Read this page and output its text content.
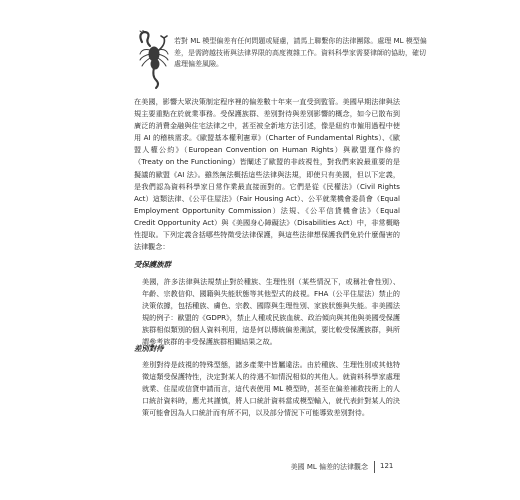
若對 ML 模型偏差有任何問題或疑慮，請馬上聯繫你的法律團隊。處理 ML 模型偏差，是需跨越技術與法律界限的高度複雜工作。資料科學家需要律師的協助，確切處理偏差風險。

在美國，影響大眾決策制定程序裡的偏差數十年來一直受到監管。美國早期法律與法規主要重點在於就業事務。受保護族群、差別對待與差別影響的概念，如今已散布到廣泛的消費金融與住宅法律之中，甚至被全新地方法引述，像是紐約市僱用過程中使用 AI 的稽核需求。《歐盟基本權利憲章》（Charter of Fundamental Rights）、《歐盟人權公約》（European Convention on Human Rights）與歐盟運作條約（Treaty on the Functioning）皆闡述了歐盟的非歧視性，對我們來說最重要的是擬議的歐盟《AI 法》。雖然無法概括這些法律與法規，即使只有美國，但以下定義，是我們認為資料科學家日常作業最直接面對的。它們是從《民權法》（Civil Rights Act）這類法律、《公平住屋法》（Fair Housing Act）、公平就業機會委員會（Equal Employment Opportunity Commission）法規、《公平信貸機會法》（Equal Credit Opportunity Act）與《美國身心障礙法》（Disabilities Act）中，非常概略性提取。下列定義含括哪些特徵受法律保護，與這些法律想保護我們免於什麼傷害的法律觀念：

受保護族群

美國，許多法律與法規禁止對於種族、生理性別（某些情況下，或稱社會性別）、年齡、宗教信仰、國籍與失能狀態等其他型式的歧視。FHA（公平住屋法）禁止的決策依據，包括種族、膚色、宗教、國際與生理性別、家族狀態與失能。非美國法規的例子：歐盟的《GDPR》，禁止人種或民族血統、政治傾向與其他與美國受保護族群相似類別的個人資料利用，這是何以傳統偏差測試，要比較受保護族群，與所謂參考族群的非受保護族群相關結果之故。

差別對待

差別對待是歧視的特殊型態，諸多產業中皆屬違法。由於種族、生理性別或其他特徵這類受保護特性，決定對某人的待遇不如情況相似的其他人。就資料科學家處理就業、住屋或信貸申請而言，這代表使用 ML 模型時，甚至在偏差補救技術上的人口統計資料時，應尤其謹慎，將人口統計資料當成模型輸入，就代表針對某人的決策可能會因為人口統計而有所不同，以及部分情況下可能導致差別對待。

美國 ML 偏差的法律觀念 121
